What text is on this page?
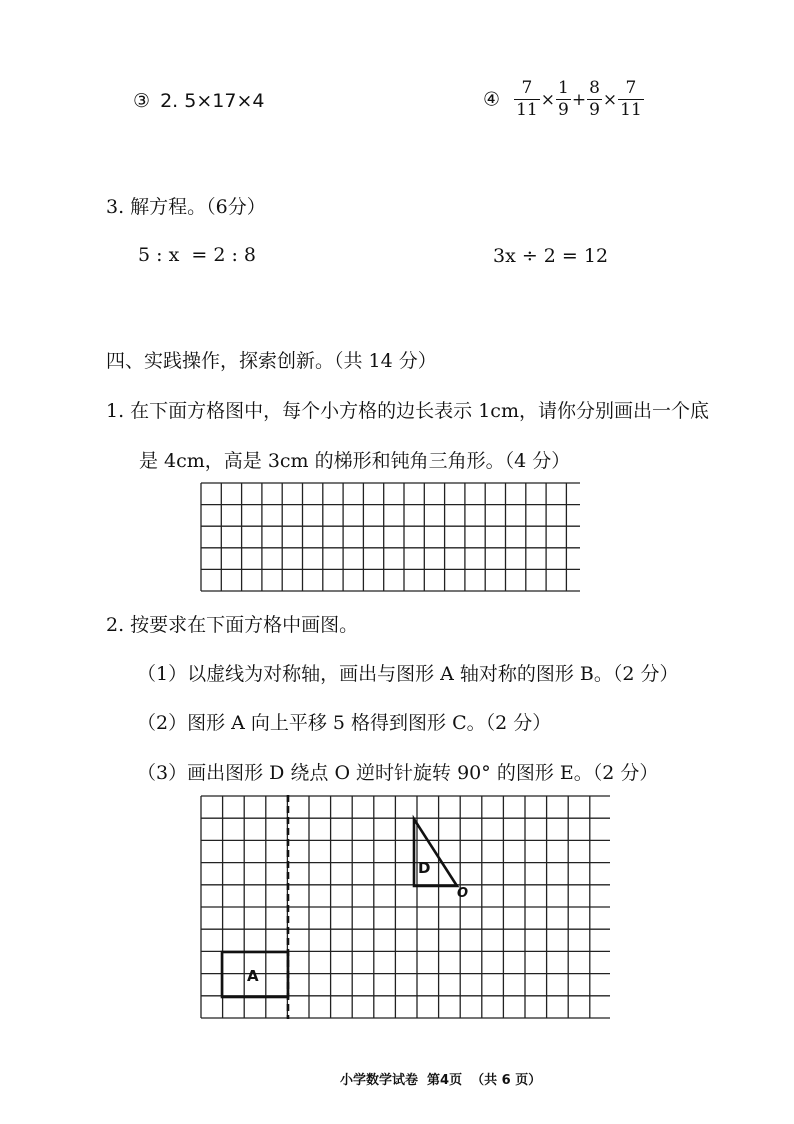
③ 2. 5×17×4	④ $\frac{7}{11} \times \frac{1}{9} + \frac{8}{9} \times \frac{7}{11}$
3. 解方程。（6分）
5 : x  = 2 : 8	3x ÷ 2 = 12
四、实践操作，探索创新。（共 14 分）
1. 在下面方格图中，每个小方格的边长表示 1cm，请你分别画出一个底
是 4cm，高是 3cm 的梯形和钝角三角形。（4 分）
2. 按要求在下面方格中画图。
（1）以虚线为对称轴，画出与图形 A 轴对称的图形 B。（2 分）
（2）图形 A 向上平移 5 格得到图形 C。（2 分）
（3）画出图形 D 绕点 O 逆时针旋转 90° 的图形 E。（2 分）
A
D
O
小学数学试卷  第4页  （共 6 页）
